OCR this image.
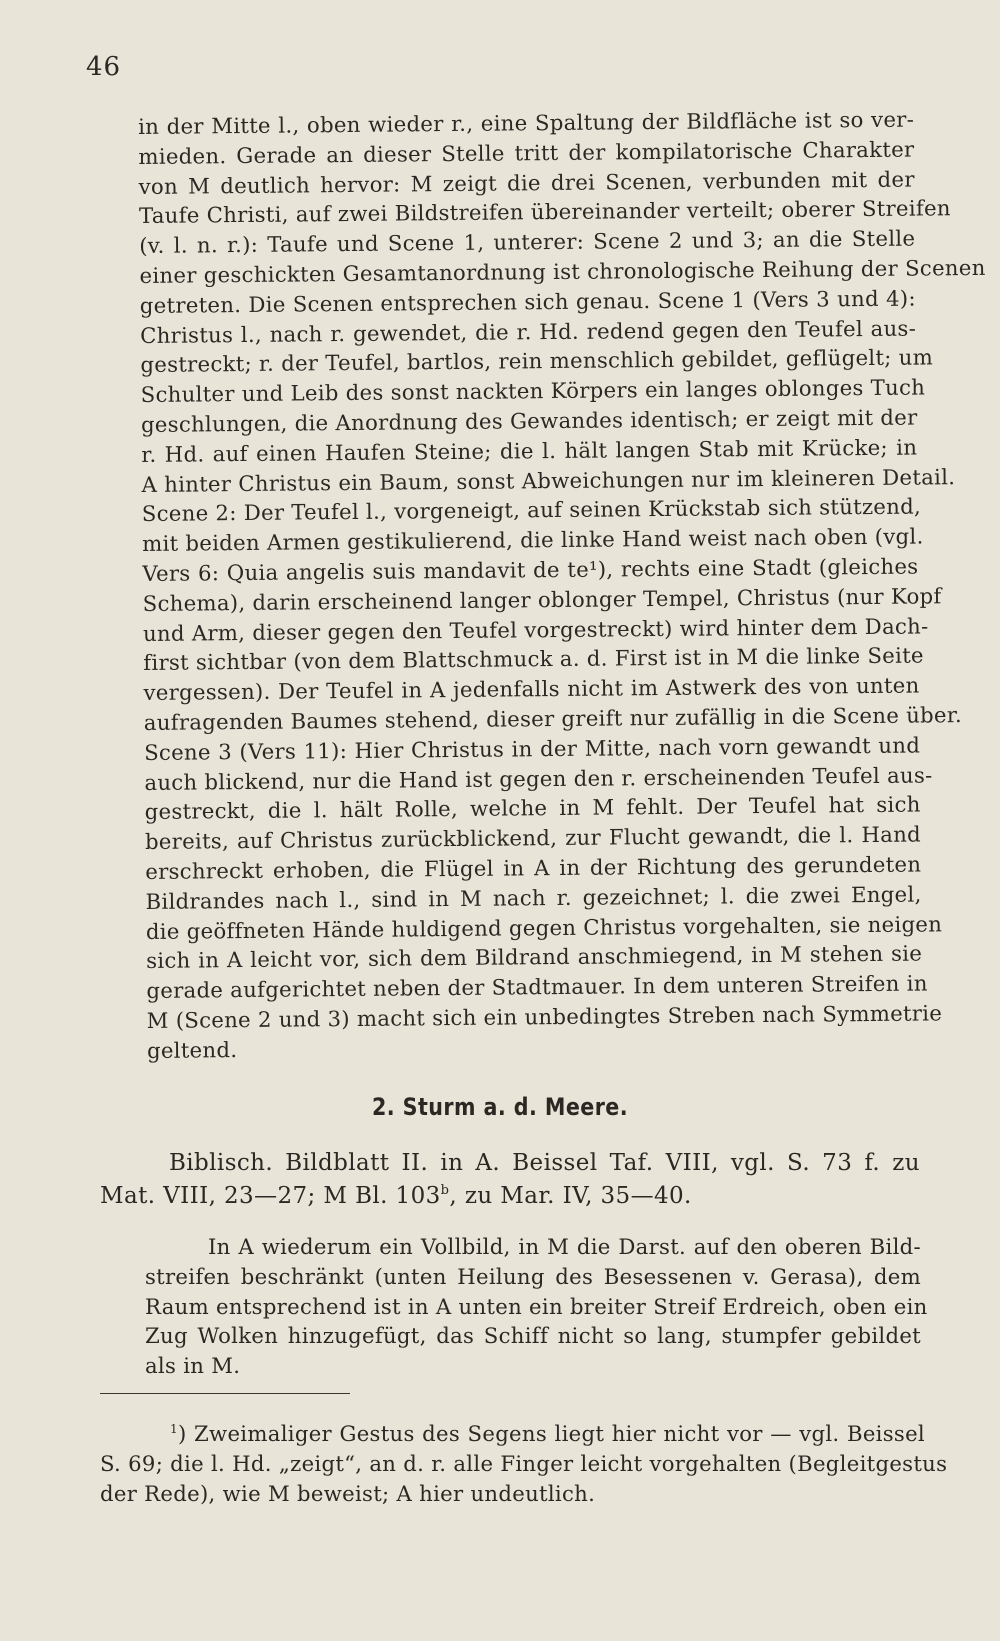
46
in der Mitte l., oben wieder r., eine Spaltung der Bildfläche ist so ver-
mieden. Gerade an dieser Stelle tritt der kompilatorische Charakter
von M deutlich hervor: M zeigt die drei Scenen, verbunden mit der
Taufe Christi, auf zwei Bildstreifen übereinander verteilt; oberer Streifen
(v. l. n. r.): Taufe und Scene 1, unterer: Scene 2 und 3; an die Stelle
einer geschickten Gesamtanordnung ist chronologische Reihung der Scenen
getreten. Die Scenen entsprechen sich genau. Scene 1 (Vers 3 und 4):
Christus l., nach r. gewendet, die r. Hd. redend gegen den Teufel aus-
gestreckt; r. der Teufel, bartlos, rein menschlich gebildet, geflügelt; um
Schulter und Leib des sonst nackten Körpers ein langes oblonges Tuch
geschlungen, die Anordnung des Gewandes identisch; er zeigt mit der
r. Hd. auf einen Haufen Steine; die l. hält langen Stab mit Krücke; in
A hinter Christus ein Baum, sonst Abweichungen nur im kleineren Detail.
Scene 2: Der Teufel l., vorgeneigt, auf seinen Krückstab sich stützend,
mit beiden Armen gestikulierend, die linke Hand weist nach oben (vgl.
Vers 6: Quia angelis suis mandavit de te¹), rechts eine Stadt (gleiches
Schema), darin erscheinend langer oblonger Tempel, Christus (nur Kopf
und Arm, dieser gegen den Teufel vorgestreckt) wird hinter dem Dach-
first sichtbar (von dem Blattschmuck a. d. First ist in M die linke Seite
vergessen). Der Teufel in A jedenfalls nicht im Astwerk des von unten
aufragenden Baumes stehend, dieser greift nur zufällig in die Scene über.
Scene 3 (Vers 11): Hier Christus in der Mitte, nach vorn gewandt und
auch blickend, nur die Hand ist gegen den r. erscheinenden Teufel aus-
gestreckt, die l. hält Rolle, welche in M fehlt. Der Teufel hat sich
bereits, auf Christus zurückblickend, zur Flucht gewandt, die l. Hand
erschreckt erhoben, die Flügel in A in der Richtung des gerundeten
Bildrandes nach l., sind in M nach r. gezeichnet; l. die zwei Engel,
die geöffneten Hände huldigend gegen Christus vorgehalten, sie neigen
sich in A leicht vor, sich dem Bildrand anschmiegend, in M stehen sie
gerade aufgerichtet neben der Stadtmauer. In dem unteren Streifen in
M (Scene 2 und 3) macht sich ein unbedingtes Streben nach Symmetrie
geltend.
2. Sturm a. d. Meere.
Biblisch. Bildblatt II. in A. Beissel Taf. VIII, vgl. S. 73 f. zu
Mat. VIII, 23—27; M Bl. 103$^b$, zu Mar. IV, 35—40.
In A wiederum ein Vollbild, in M die Darst. auf den oberen Bild-
streifen beschränkt (unten Heilung des Besessenen v. Gerasa), dem
Raum entsprechend ist in A unten ein breiter Streif Erdreich, oben ein
Zug Wolken hinzugefügt, das Schiff nicht so lang, stumpfer gebildet
als in M.
$^1$) Zweimaliger Gestus des Segens liegt hier nicht vor — vgl. Beissel
S. 69; die l. Hd. „zeigt“, an d. r. alle Finger leicht vorgehalten (Begleitgestus
der Rede), wie M beweist; A hier undeutlich.
